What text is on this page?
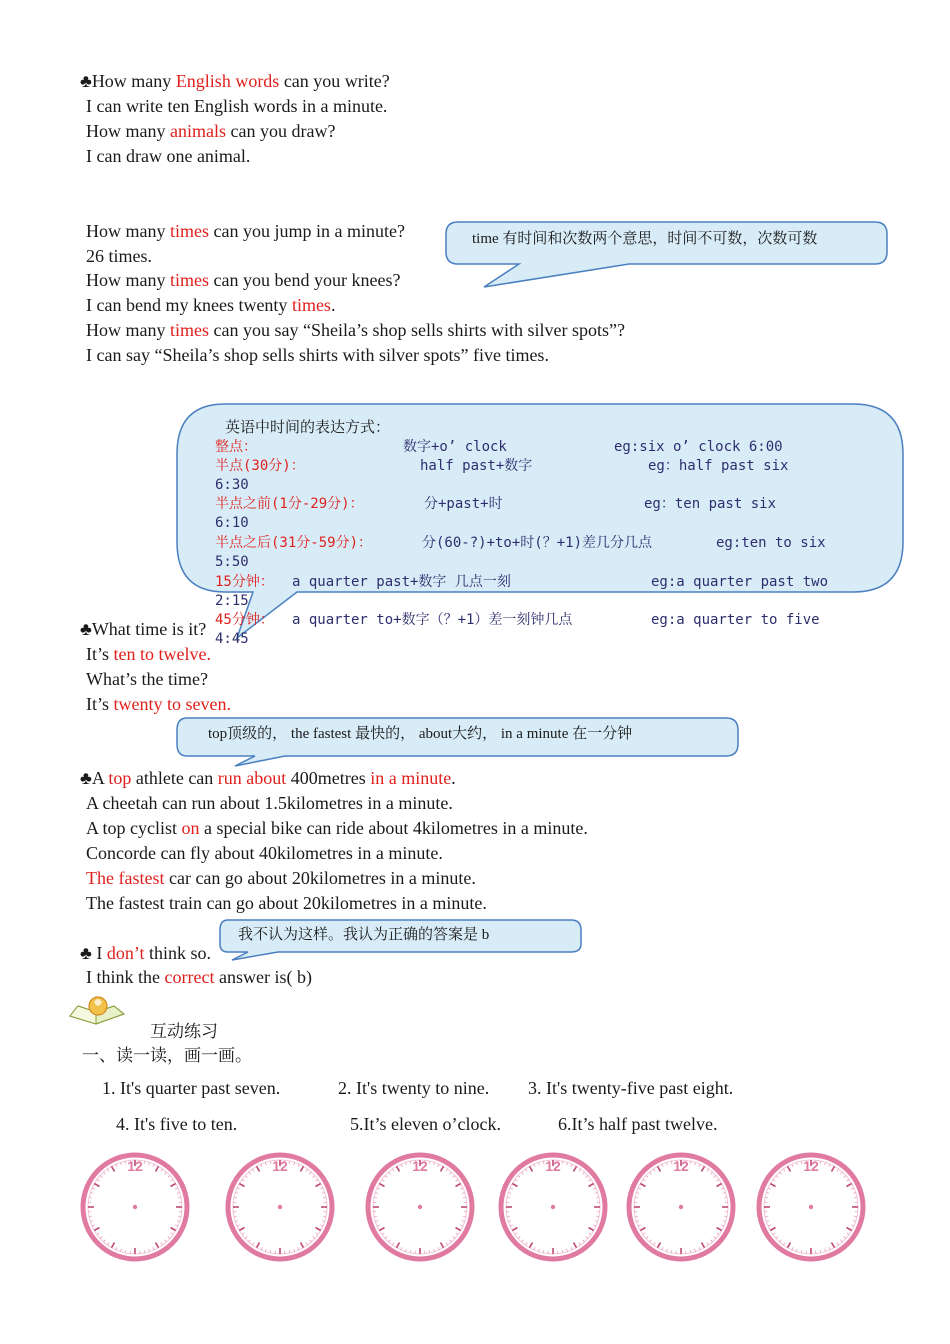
♣How many English words can you write?
I can write ten English words in a minute.
How many animals can you draw?
I can draw one animal.
How many times can you jump in a minute?
26 times.
How many times can you bend your knees?
I can bend my knees twenty times.
How many times can you say “Sheila’s shop sells shirts with silver spots”?
I can say “Sheila’s shop sells shirts with silver spots” five times.
time 有时间和次数两个意思，时间不可数，次数可数
英语中时间的表达方式：
整点：	数字+o’ clock	eg:six o’ clock 6:00
半点(30分)：	half past+数字	eg：half past six
6:30
半点之前(1分-29分)：	分+past+时	eg：ten past six
6:10
半点之后(31分-59分)：	分(60-?)+to+时(？+1)差几分几点	eg:ten to six
5:50
15分钟： a quarter past+数字 几点一刻	eg:a quarter past two
2:15
45分钟： a quarter to+数字（？+1）差一刻钟几点	eg:a quarter to five
4:45
♣What time is it?
It’s ten to twelve.
What’s the time?
It’s twenty to seven.
top顶级的， the fastest 最快的， about大约， in a minute 在一分钟
♣A top athlete can run about 400metres in a minute.
A cheetah can run about 1.5kilometres in a minute.
A top cyclist on a special bike can ride about 4kilometres in a minute.
Concorde can fly about 40kilometres in a minute.
The fastest car can go about 20kilometres in a minute.
The fastest train can go about 20kilometres in a minute.
我不认为这样。我认为正确的答案是 b
♣ I don’t think so.
I think the correct answer is( b)
互动练习
一、读一读，画一画。
1. It's quarter past seven.	2. It's twenty to nine. 3. It's twenty-five past eight.
4. It's five to ten.	5.It’s eleven o’clock.	6.It’s half past twelve.
12	12	12	12	12	12
